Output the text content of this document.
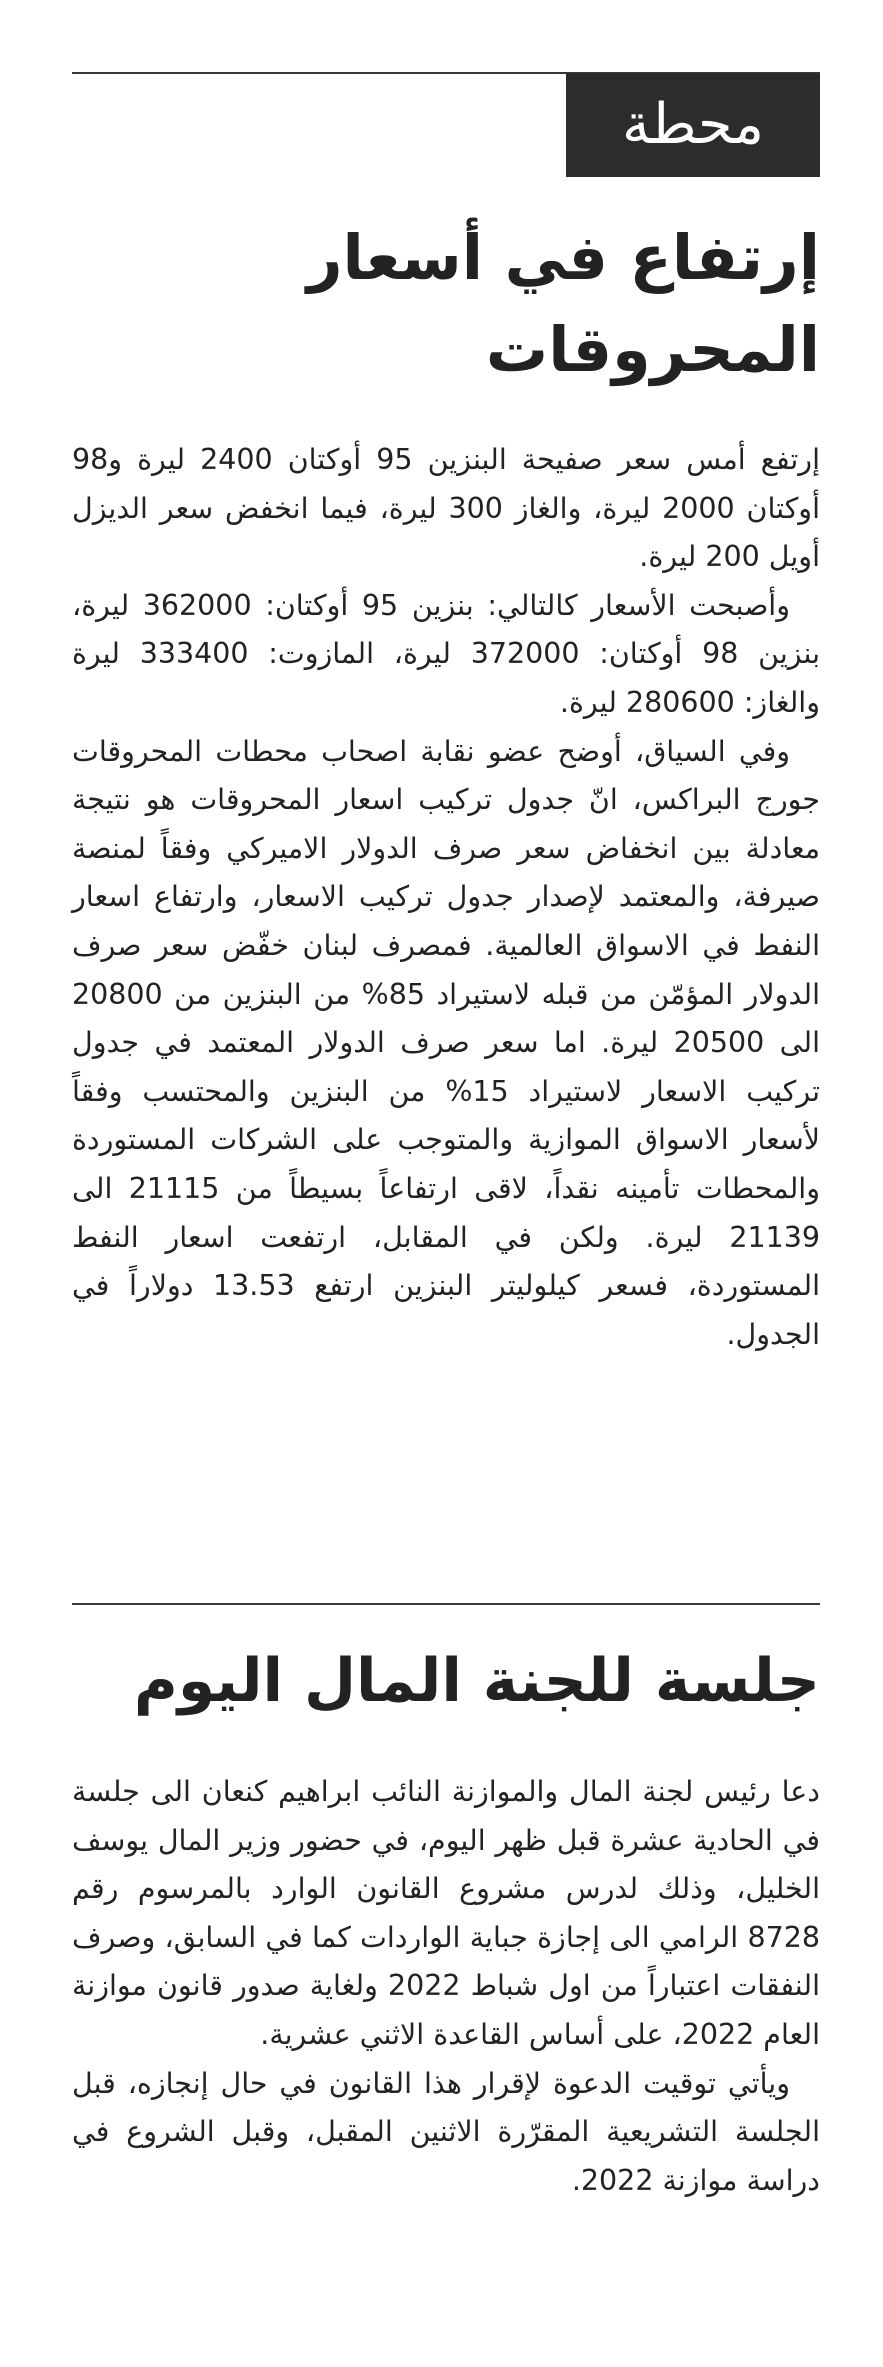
محطة
إرتفاع في أسعار المحروقات

إرتفع أمس سعر صفيحة البنزين 95 أوكتان 2400 ليرة و98 أوكتان 2000 ليرة، والغاز 300 ليرة، فيما انخفض سعر الديزل أويل 200 ليرة.

وأصبحت الأسعار كالتالي: بنزين 95 أوكتان: 362000 ليرة، بنزين 98 أوكتان: 372000 ليرة، المازوت: 333400 ليرة والغاز: 280600 ليرة.

وفي السياق، أوضح عضو نقابة اصحاب محطات المحروقات جورج البراكس، انّ جدول تركيب اسعار المحروقات هو نتيجة معادلة بين انخفاض سعر صرف الدولار الاميركي وفقاً لمنصة صيرفة، والمعتمد لإصدار جدول تركيب الاسعار، وارتفاع اسعار النفط في الاسواق العالمية. فمصرف لبنان خفّض سعر صرف الدولار المؤمّن من قبله لاستيراد 85% من البنزين من 20800 الى 20500 ليرة. اما سعر صرف الدولار المعتمد في جدول تركيب الاسعار لاستيراد 15% من البنزين والمحتسب وفقاً لأسعار الاسواق الموازية والمتوجب على الشركات المستوردة والمحطات تأمينه نقداً، لاقى ارتفاعاً بسيطاً من 21115 الى 21139 ليرة. ولكن في المقابل، ارتفعت اسعار النفط المستوردة، فسعر كيلوليتر البنزين ارتفع 13.53 دولاراً في الجدول.

جلسة للجنة المال اليوم

دعا رئيس لجنة المال والموازنة النائب ابراهيم كنعان الى جلسة في الحادية عشرة قبل ظهر اليوم، في حضور وزير المال يوسف الخليل، وذلك لدرس مشروع القانون الوارد بالمرسوم رقم 8728 الرامي الى إجازة جباية الواردات كما في السابق، وصرف النفقات اعتباراً من اول شباط 2022 ولغاية صدور قانون موازنة العام 2022، على أساس القاعدة الاثني عشرية.

ويأتي توقيت الدعوة لإقرار هذا القانون في حال إنجازه، قبل الجلسة التشريعية المقرّرة الاثنين المقبل، وقبل الشروع في دراسة موازنة 2022.
